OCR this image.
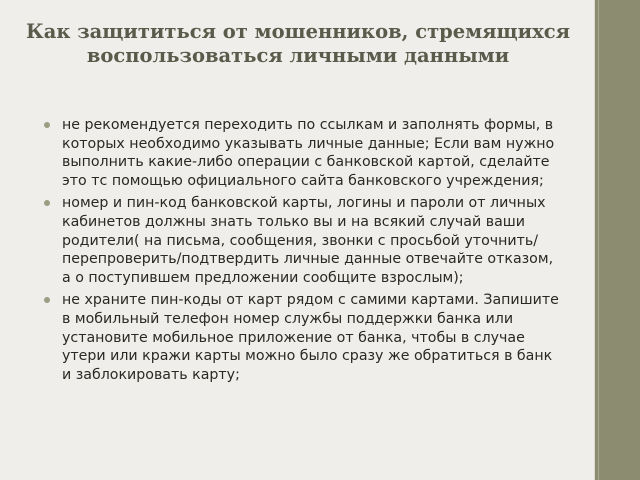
Как защититься от мошенников, стремящихся воспользоваться личными данными
не рекомендуется переходить по ссылкам и заполнять формы, в которых необходимо указывать личные данные; Если вам нужно выполнить какие-либо операции с банковской картой, сделайте это тс помощью официального сайта банковского учреждения;
номер и пин-код банковской карты, логины и пароли от личных кабинетов должны знать только вы и на всякий случай ваши родители( на письма, сообщения, звонки с просьбой уточнить/перепроверить/подтвердить личные данные отвечайте отказом, а о поступившем предложении сообщите взрослым);
не храните пин-коды от карт рядом с самими картами. Запишите в мобильный телефон номер службы поддержки банка или установите мобильное приложение от банка, чтобы в случае утери или кражи карты можно было сразу же обратиться в банк и заблокировать карту;
